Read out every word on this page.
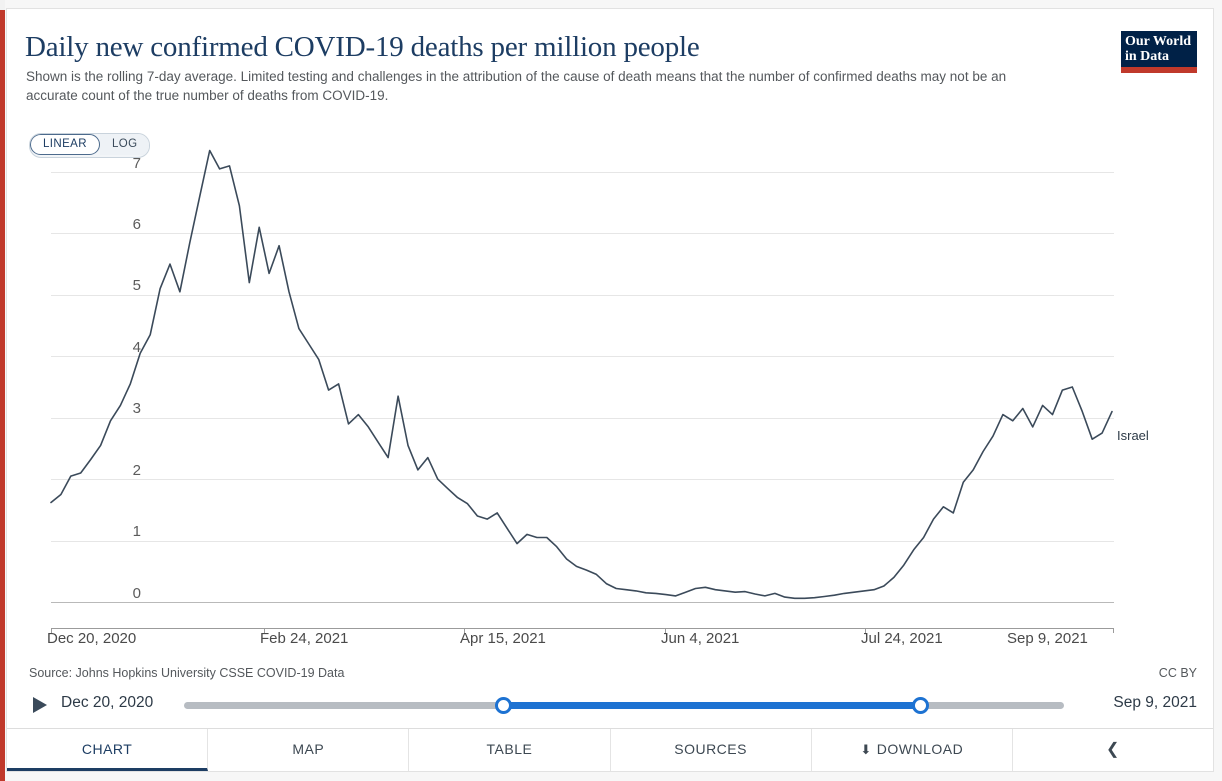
Daily new confirmed COVID-19 deaths per million people
Shown is the rolling 7-day average. Limited testing and challenges in the attribution of the cause of death means that the number of confirmed deaths may not be an accurate count of the true number of deaths from COVID-19.
Our World
in Data
LINEAR	LOG
7
6
5
4
3
2
1
0
Dec 20, 2020	Feb 24, 2021	Apr 15, 2021	Jun 4, 2021	Jul 24, 2021	Sep 9, 2021
Israel
Source: Johns Hopkins University CSSE COVID-19 Data	CC BY
Dec 20, 2020	Sep 9, 2021
CHART	MAP	TABLE	SOURCES	⬇ DOWNLOAD	❮
